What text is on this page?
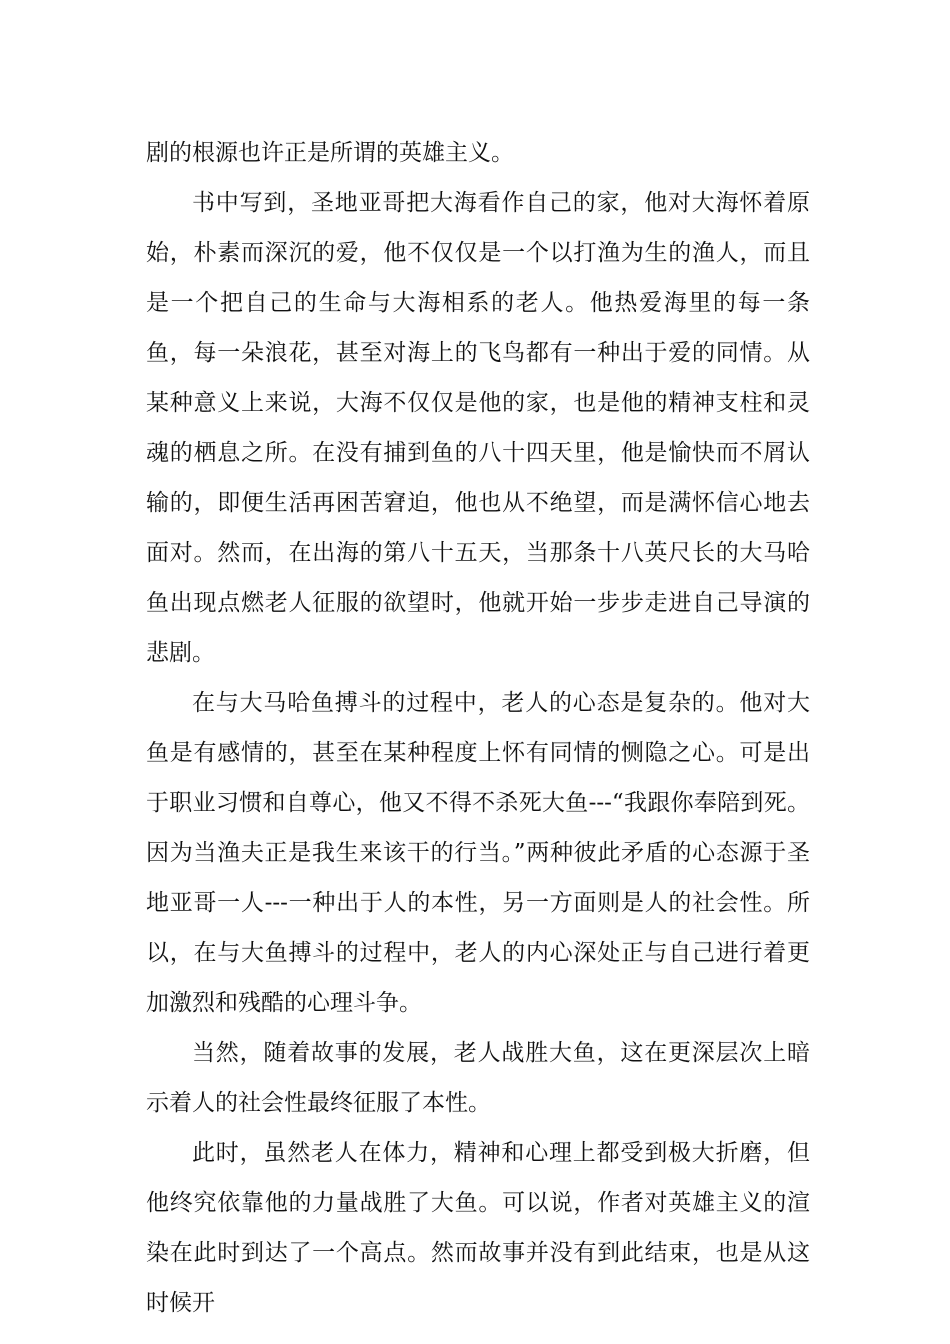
剧的根源也许正是所谓的英雄主义。

书中写到，圣地亚哥把大海看作自己的家，他对大海怀着原始，朴素而深沉的爱，他不仅仅是一个以打渔为生的渔人，而且是一个把自己的生命与大海相系的老人。他热爱海里的每一条鱼，每一朵浪花，甚至对海上的飞鸟都有一种出于爱的同情。从某种意义上来说，大海不仅仅是他的家，也是他的精神支柱和灵魂的栖息之所。在没有捕到鱼的八十四天里，他是愉快而不屑认输的，即便生活再困苦窘迫，他也从不绝望，而是满怀信心地去面对。然而，在出海的第八十五天，当那条十八英尺长的大马哈鱼出现点燃老人征服的欲望时，他就开始一步步走进自己导演的悲剧。

在与大马哈鱼搏斗的过程中，老人的心态是复杂的。他对大鱼是有感情的，甚至在某种程度上怀有同情的恻隐之心。可是出于职业习惯和自尊心，他又不得不杀死大鱼---“我跟你奉陪到死。因为当渔夫正是我生来该干的行当。”两种彼此矛盾的心态源于圣地亚哥一人---一种出于人的本性，另一方面则是人的社会性。所以，在与大鱼搏斗的过程中，老人的内心深处正与自己进行着更加激烈和残酷的心理斗争。

当然，随着故事的发展，老人战胜大鱼，这在更深层次上暗示着人的社会性最终征服了本性。

此时，虽然老人在体力，精神和心理上都受到极大折磨，但他终究依靠他的力量战胜了大鱼。可以说，作者对英雄主义的渲染在此时到达了一个高点。然而故事并没有到此结束，也是从这时候开
